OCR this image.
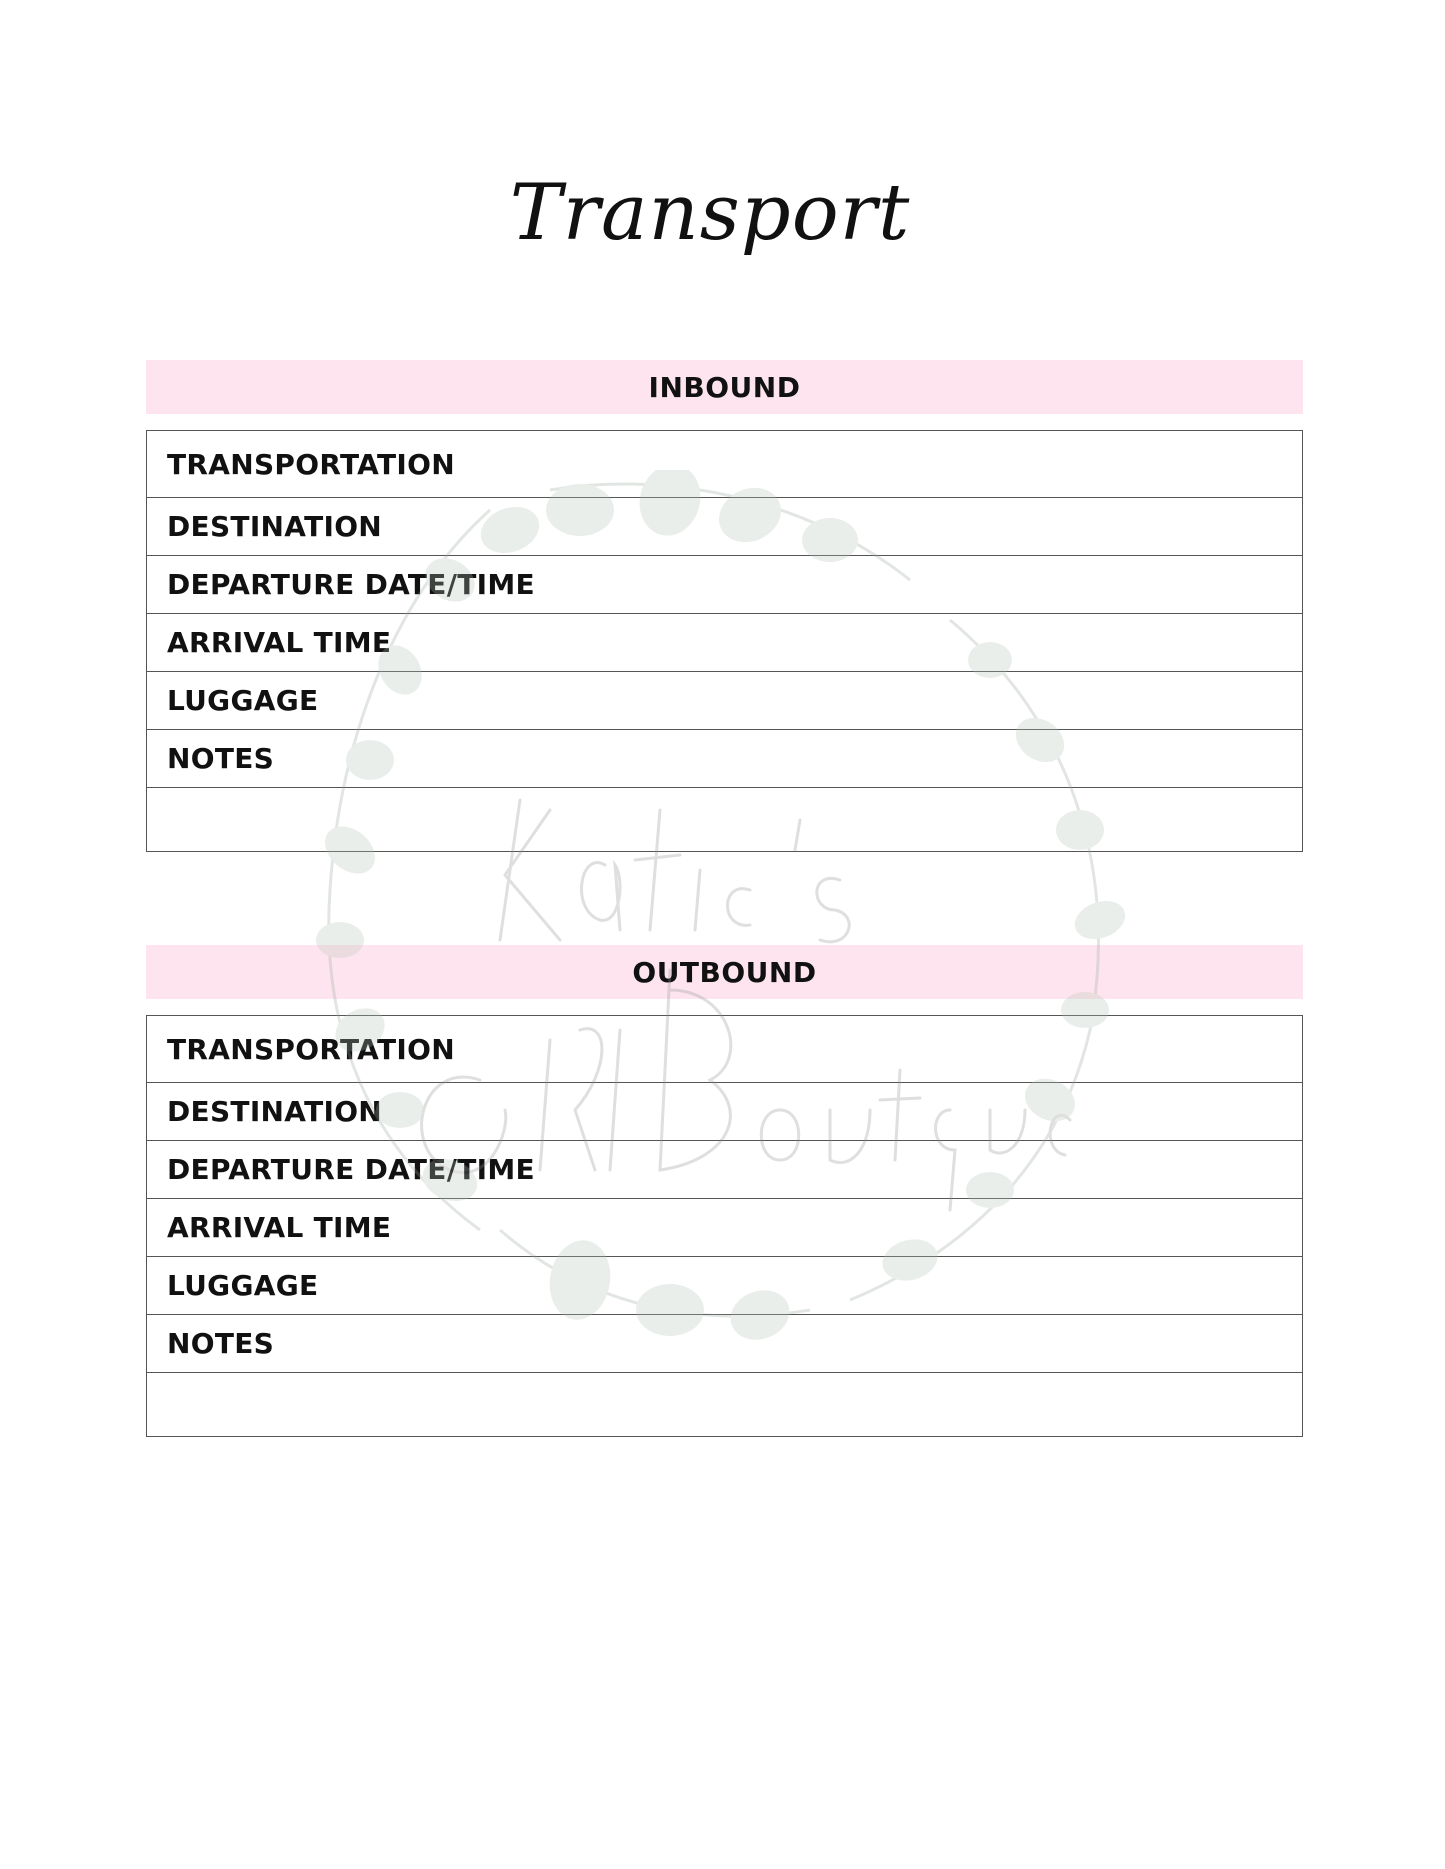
Transport
INBOUND
TRANSPORTATION
DESTINATION
DEPARTURE DATE/TIME
ARRIVAL TIME
LUGGAGE
NOTES
OUTBOUND
TRANSPORTATION
DESTINATION
DEPARTURE DATE/TIME
ARRIVAL TIME
LUGGAGE
NOTES
